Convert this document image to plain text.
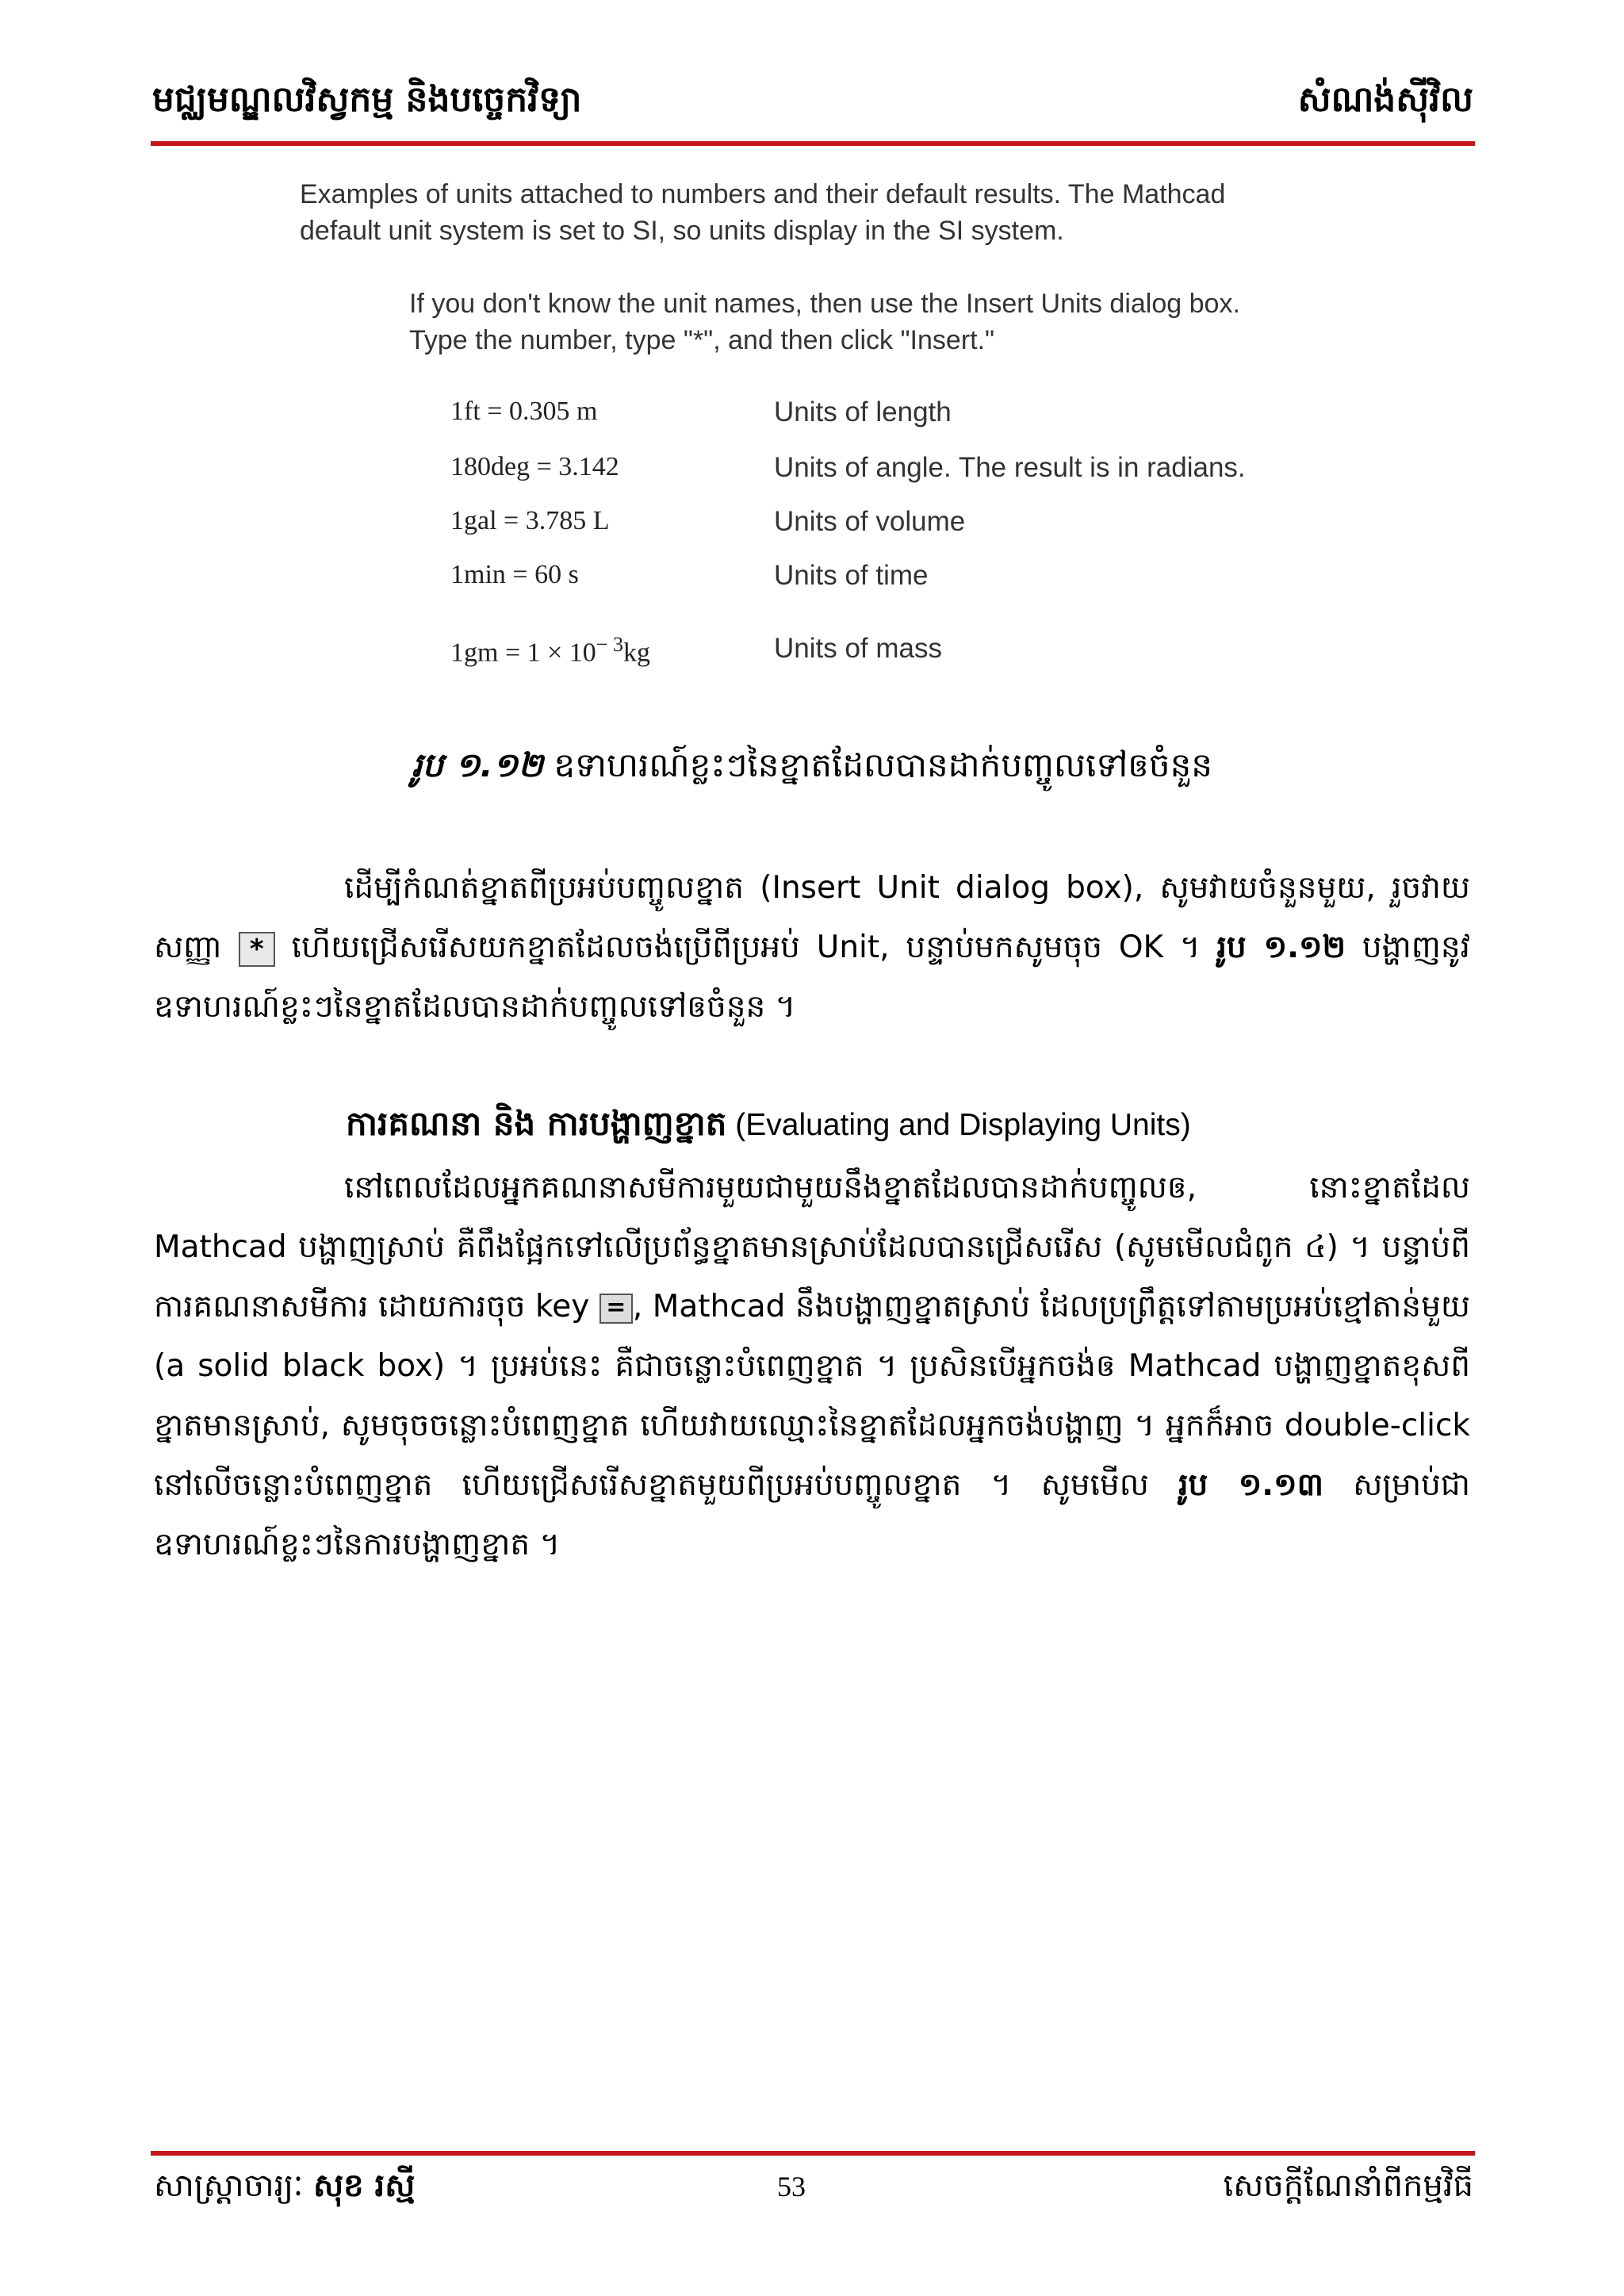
មជ្ឈមណ្ឌលវិស្វកម្ម និងបច្ចេកវិទ្យា	សំណង់ស៊ីវិល
Examples of units attached to numbers and their default results. The Mathcad
default unit system is set to SI, so units display in the SI system.
If you don't know the unit names, then use the Insert Units dialog box.
Type the number, type "*", and then click "Insert."
1ft = 0.305 m	Units of length
180deg = 3.142	Units of angle. The result is in radians.
1gal = 3.785 L	Units of volume
1min = 60 s	Units of time
$1gm = 1 \times 10^{- 3}kg$	Units of mass
រូប ១.១២ ឧទាហរណ៍ខ្លះៗនៃខ្នាតដែលបានដាក់បញ្ចូលទៅឲចំនួន

ដើម្បីកំណត់ខ្នាតពីប្រអប់បញ្ចូលខ្នាត (Insert Unit dialog box), សូមវាយចំនួនមួយ, រួចវាយសញ្ញា * ហើយជ្រើសរើសយកខ្នាតដែលចង់ប្រើពីប្រអប់ Unit, បន្ទាប់មកសូមចុច OK ។ រូប ១.១២ បង្ហាញនូវឧទាហរណ៍ខ្លះៗនៃខ្នាតដែលបានដាក់បញ្ចូលទៅឲចំនួន ។

ការគណនា និង ការបង្ហាញខ្នាត (Evaluating and Displaying Units)

នៅពេលដែលអ្នកគណនាសមីការមួយជាមួយនឹងខ្នាតដែលបានដាក់បញ្ចូលឲ, នោះខ្នាតដែល Mathcad បង្ហាញស្រាប់ គឺពឹងផ្អែកទៅលើប្រព័ន្ធខ្នាតមានស្រាប់ដែលបានជ្រើសរើស (សូមមើលជំពូក ៤) ។ បន្ទាប់ពីការគណនាសមីការ ដោយការចុច key = , Mathcad នឹងបង្ហាញខ្នាតស្រាប់ ដែលប្រព្រឹត្តទៅតាមប្រអប់ខ្មៅតាន់មួយ (a solid black box) ។ ប្រអប់នេះ គឺជាចន្លោះបំពេញខ្នាត ។ ប្រសិនបើអ្នកចង់ឲ Mathcad បង្ហាញខ្នាតខុសពីខ្នាតមានស្រាប់, សូមចុចចន្លោះបំពេញខ្នាត ហើយវាយឈ្មោះនៃខ្នាតដែលអ្នកចង់បង្ហាញ ។ អ្នកក៏អាច double-click នៅលើចន្លោះបំពេញខ្នាត ហើយជ្រើសរើសខ្នាតមួយពីប្រអប់បញ្ចូលខ្នាត ។ សូមមើល រូប ១.១៣ សម្រាប់ជាឧទាហរណ៍ខ្លះៗនៃការបង្ហាញខ្នាត ។

សាស្ត្រាចារ្យៈ សុខ រស្មី	53	សេចក្តីណែនាំពីកម្មវិធី
